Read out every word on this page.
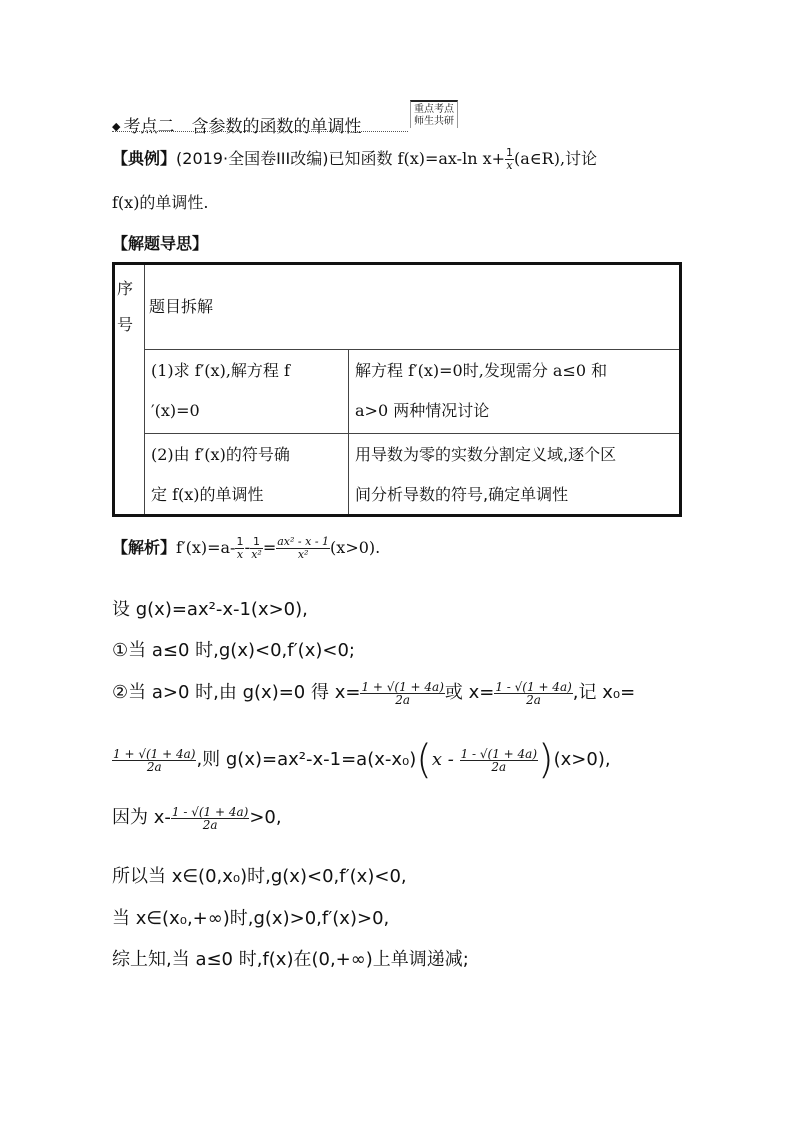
◆ 考点二　含参数的函数的单调性
重点考点
师生共研
【典例】(2019·全国卷III改编)已知函数 f(x)=ax-ln $x+ \frac{1}{x}$ (a∈R),讨论
f(x)的单调性.
【解题导思】
序
号
题目拆解
(1)求 f′(x),解方程 f
′(x)=0
解方程 f′(x)=0时,发现需分 a≤0 和
a>0 两种情况讨论
(2)由 f′(x)的符号确
定 f(x)的单调性
用导数为零的实数分割定义域,逐个区
间分析导数的符号,确定单调性
【解析】$f'(x)=a- \frac{1}{x} - \frac{1}{\text{x²}} = \frac{\text{ax² - x - 1}}{\text{x²}} (x>0)$.
设 g(x)=ax²-x-1(x>0),
①当 a≤0 时,g(x)<0,f′(x)<0;
②当 a>0 时,由 g(x)=0 得 $x= \frac{1 + √(1 + 4a)}{2a}$ 或 $x= \frac{1 - √(1 + 4a)}{2a}$ ,记 x₀=
$\frac{1 + √(1 + 4a)}{2a}$ ,则 $g(x)=ax^2-x-1=a(x-x_0)(x - \frac{1 - √(1 + 4a)}{2a} )(x>0)$,
因为 $x- \frac{1 - √(1 + 4a)}{2a} >0$,
所以当 x∈(0,x₀)时,g(x)<0,f′(x)<0,
当 x∈(x₀,+∞)时,g(x)>0,f′(x)>0,
综上知,当 a≤0 时,f(x)在(0,+∞)上单调递减;
